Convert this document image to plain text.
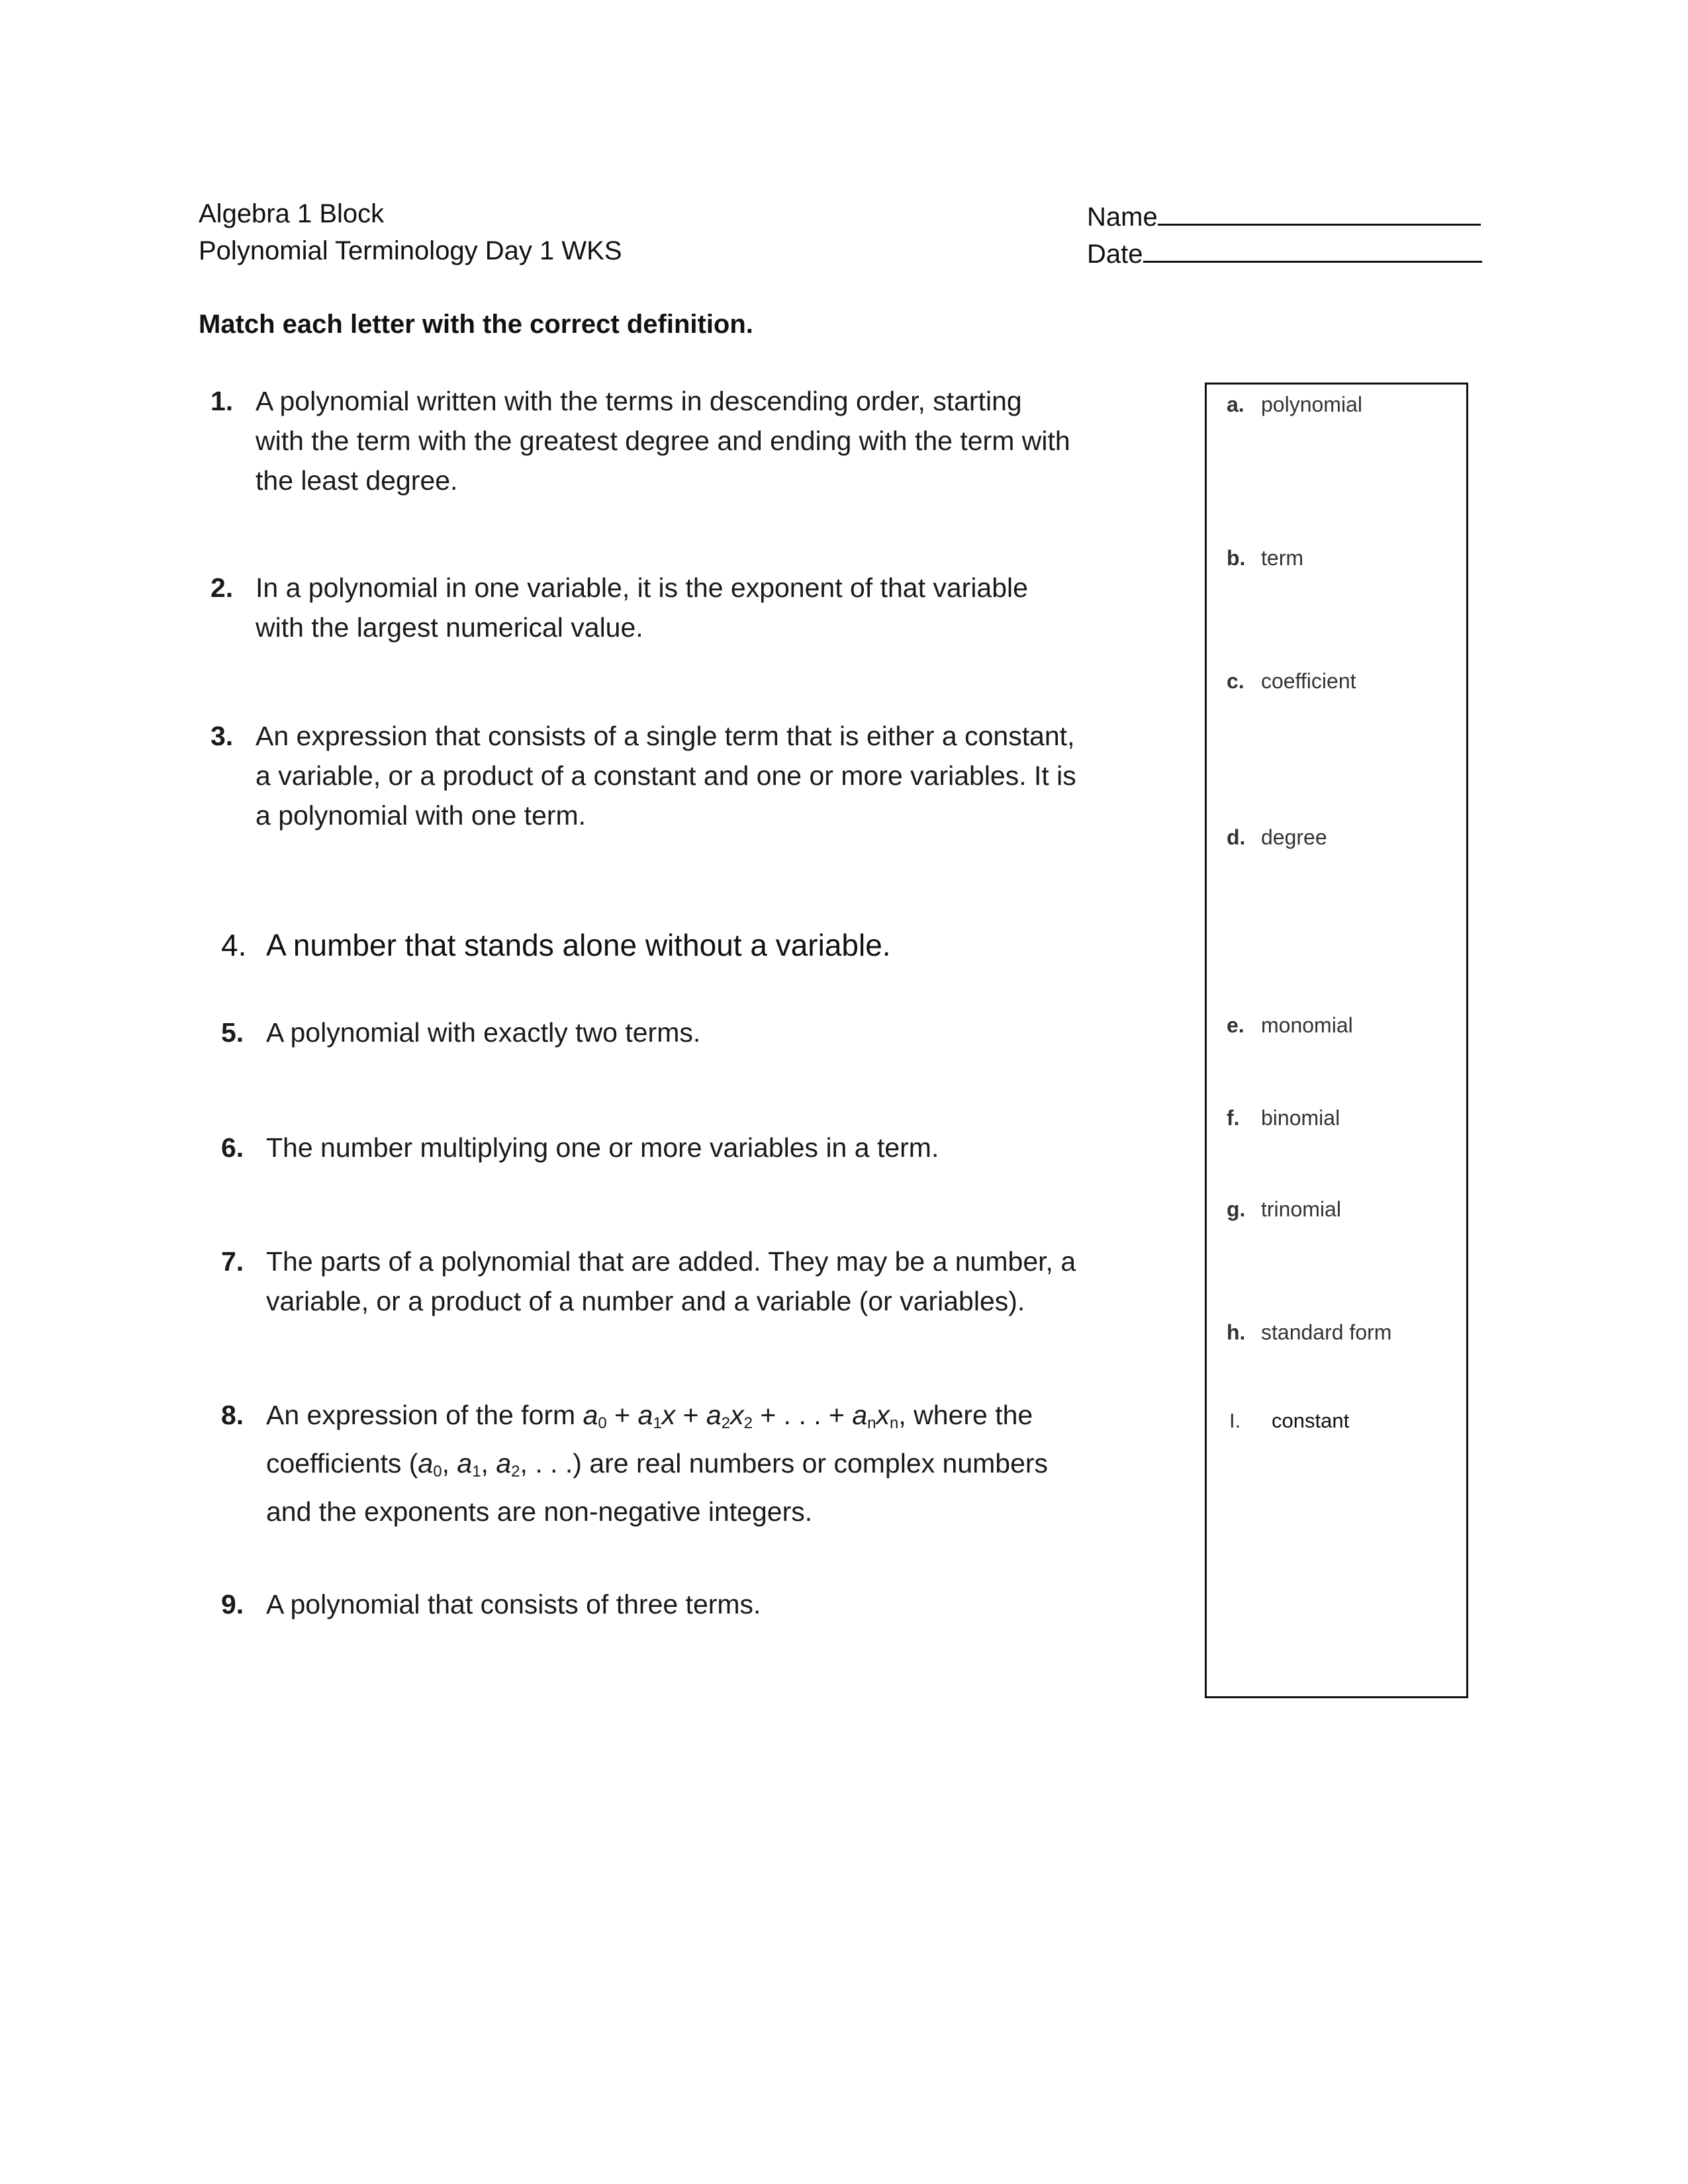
Algebra 1 Block
Polynomial Terminology Day 1 WKS
Name
Date
Match each letter with the correct definition.
1. A polynomial written with the terms in descending order, starting
with the term with the greatest degree and ending with the term with
the least degree.
2. In a polynomial in one variable, it is the exponent of that variable
with the largest numerical value.
3. An expression that consists of a single term that is either a constant,
a variable, or a product of a constant and one or more variables. It is
a polynomial with one term.
4. A number that stands alone without a variable.
5. A polynomial with exactly two terms.
6. The number multiplying one or more variables in a term.
7. The parts of a polynomial that are added. They may be a number, a
variable, or a product of a number and a variable (or variables).
8. An expression of the form $a_0 + a_1x + a_2x_2$ + . . . + $a_nx_n$, where the
coefficients ($a_0$, $a_1$, $a_2$, . . .) are real numbers or complex numbers
and the exponents are non-negative integers.
9. A polynomial that consists of three terms.
a. polynomial
b. term
c. coefficient
d. degree
e. monomial
f. binomial
g. trinomial
h. standard form
I. constant
